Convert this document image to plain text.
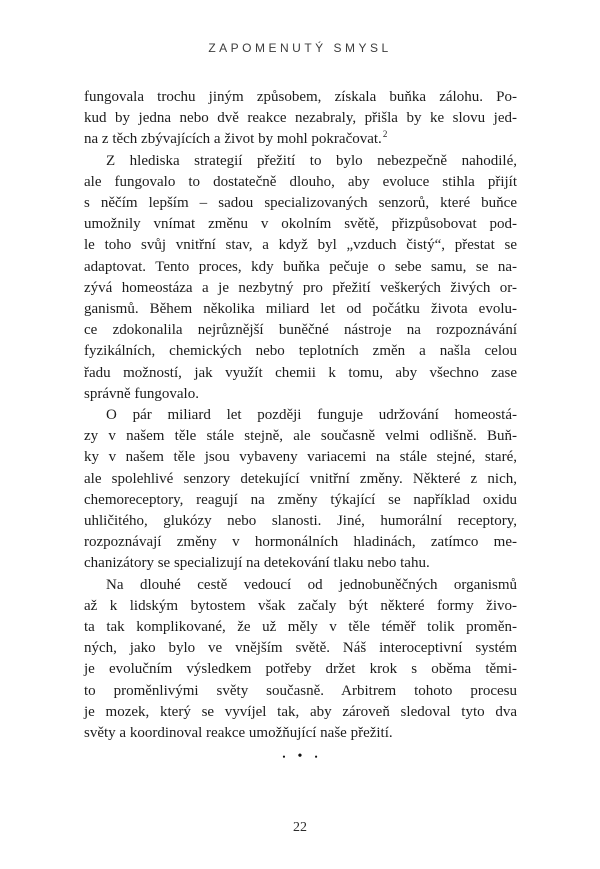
ZAPOMENUTÝ SMYSL
fungovala trochu jiným způsobem, získala buňka zálohu. Po-
kud by jedna nebo dvě reakce nezabraly, přišla by ke slovu jed-
na z těch zbývajících a život by mohl pokračovat.$^2$
Z hlediska strategií přežití to bylo nebezpečně nahodilé,
ale fungovalo to dostatečně dlouho, aby evoluce stihla přijít
s něčím lepším – sadou specializovaných senzorů, které buňce
umožnily vnímat změnu v okolním světě, přizpůsobovat pod-
le toho svůj vnitřní stav, a když byl „vzduch čistý“, přestat se
adaptovat. Tento proces, kdy buňka pečuje o sebe samu, se na-
zývá homeostáza a je nezbytný pro přežití veškerých živých or-
ganismů. Během několika miliard let od počátku života evolu-
ce zdokonalila nejrůznější buněčné nástroje na rozpoznávání
fyzikálních, chemických nebo teplotních změn a našla celou
řadu možností, jak využít chemii k tomu, aby všechno zase
správně fungovalo.
O pár miliard let později funguje udržování homeostá-
zy v našem těle stále stejně, ale současně velmi odlišně. Buň-
ky v našem těle jsou vybaveny variacemi na stále stejné, staré,
ale spolehlivé senzory detekující vnitřní změny. Některé z nich,
chemoreceptory, reagují na změny týkající se například oxidu
uhličitého, glukózy nebo slanosti. Jiné, humorální receptory,
rozpoznávají změny v hormonálních hladinách, zatímco me-
chanizátory se specializují na detekování tlaku nebo tahu.
Na dlouhé cestě vedoucí od jednobuněčných organismů
až k lidským bytostem však začaly být některé formy živo-
ta tak komplikované, že už měly v těle téměř tolik proměn-
ných, jako bylo ve vnějším světě. Náš interoceptivní systém
je evolučním výsledkem potřeby držet krok s oběma těmi-
to proměnlivými světy současně. Arbitrem tohoto procesu
je mozek, který se vyvíjel tak, aby zároveň sledoval tyto dva
světy a koordinoval reakce umožňující naše přežití.
• • •
22
